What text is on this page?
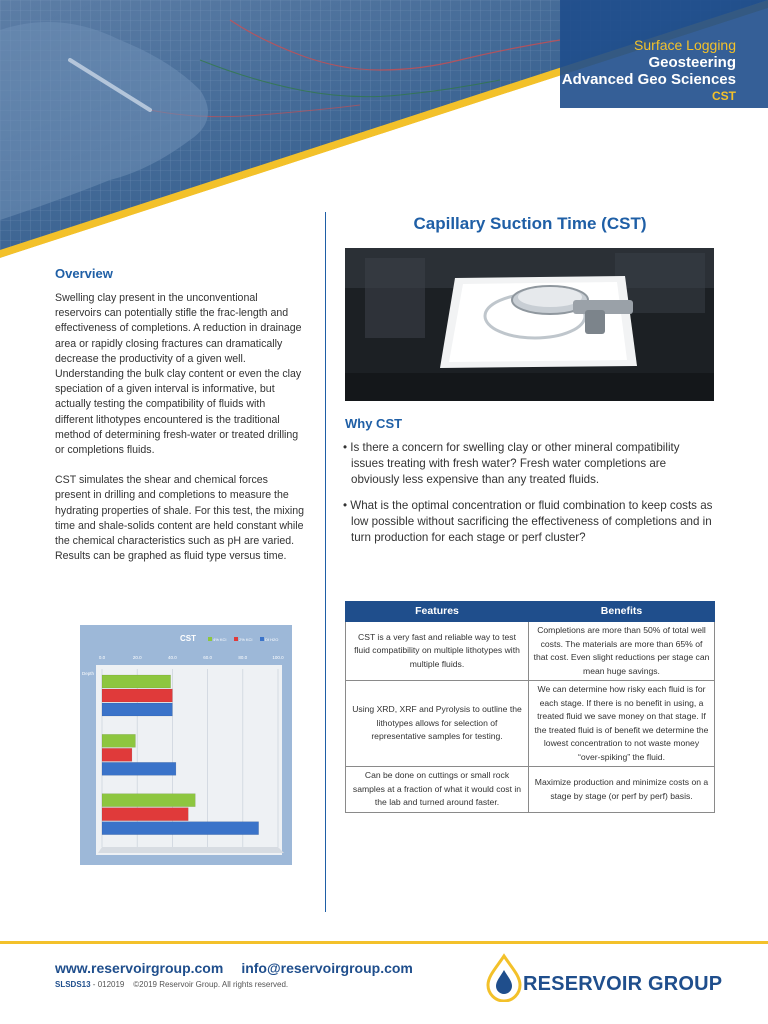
Surface Logging
Geosteering
Advanced Geo Sciences
CST
Overview

Swelling clay present in the unconventional reservoirs can potentially stifle the frac-length and effectiveness of completions. A reduction in drainage area or rapidly closing fractures can dramatically decrease the productivity of a given well. Understanding the bulk clay content or even the clay speciation of a given interval is informative, but actually testing the compatibility of fluids with different lithotypes encountered is the traditional method of determining fresh-water or treated drilling or completions fluids.

CST simulates the shear and chemical forces present in drilling and completions to measure the hydrating properties of shale. For this test, the mixing time and shale-solids content are held constant while the chemical characteristics such as pH are varied. Results can be graphed as fluid type versus time.

0.0	20.0	40.0	60.0	80.0	100.0
CST
Depth
4% KCl	2% KCl	DI H2O
Capillary Suction Time (CST)
Why CST
• Is there a concern for swelling clay or other mineral compatibility issues treating with fresh water? Fresh water completions are obviously less expensive than any treated fluids.
• What is the optimal concentration or fluid combination to keep costs as low possible without sacrificing the effectiveness of completions and in turn production for each stage or perf cluster?
Features	Benefits
CST is a very fast and reliable way to test fluid compatibility on multiple lithotypes with multiple fluids.	Completions are more than 50% of total well costs. The materials are more than 65% of that cost. Even slight reductions per stage can mean huge savings.
Using XRD, XRF and Pyrolysis to outline the lithotypes allows for selection of representative samples for testing.	We can determine how risky each fluid is for each stage. If there is no benefit in using, a treated fluid we save money on that stage. If the treated fluid is of benefit we determine the lowest concentration to not waste money “over-spiking” the fluid.
Can be done on cuttings or small rock samples at a fraction of what it would cost in the lab and turned around faster.	Maximize production and minimize costs on a stage by stage (or perf by perf) basis.
www.reservoirgroup.com info@reservoirgroup.com
SLSDS13 - 012019 ©2019 Reservoir Group. All rights reserved.	RESERVOIR GROUP
